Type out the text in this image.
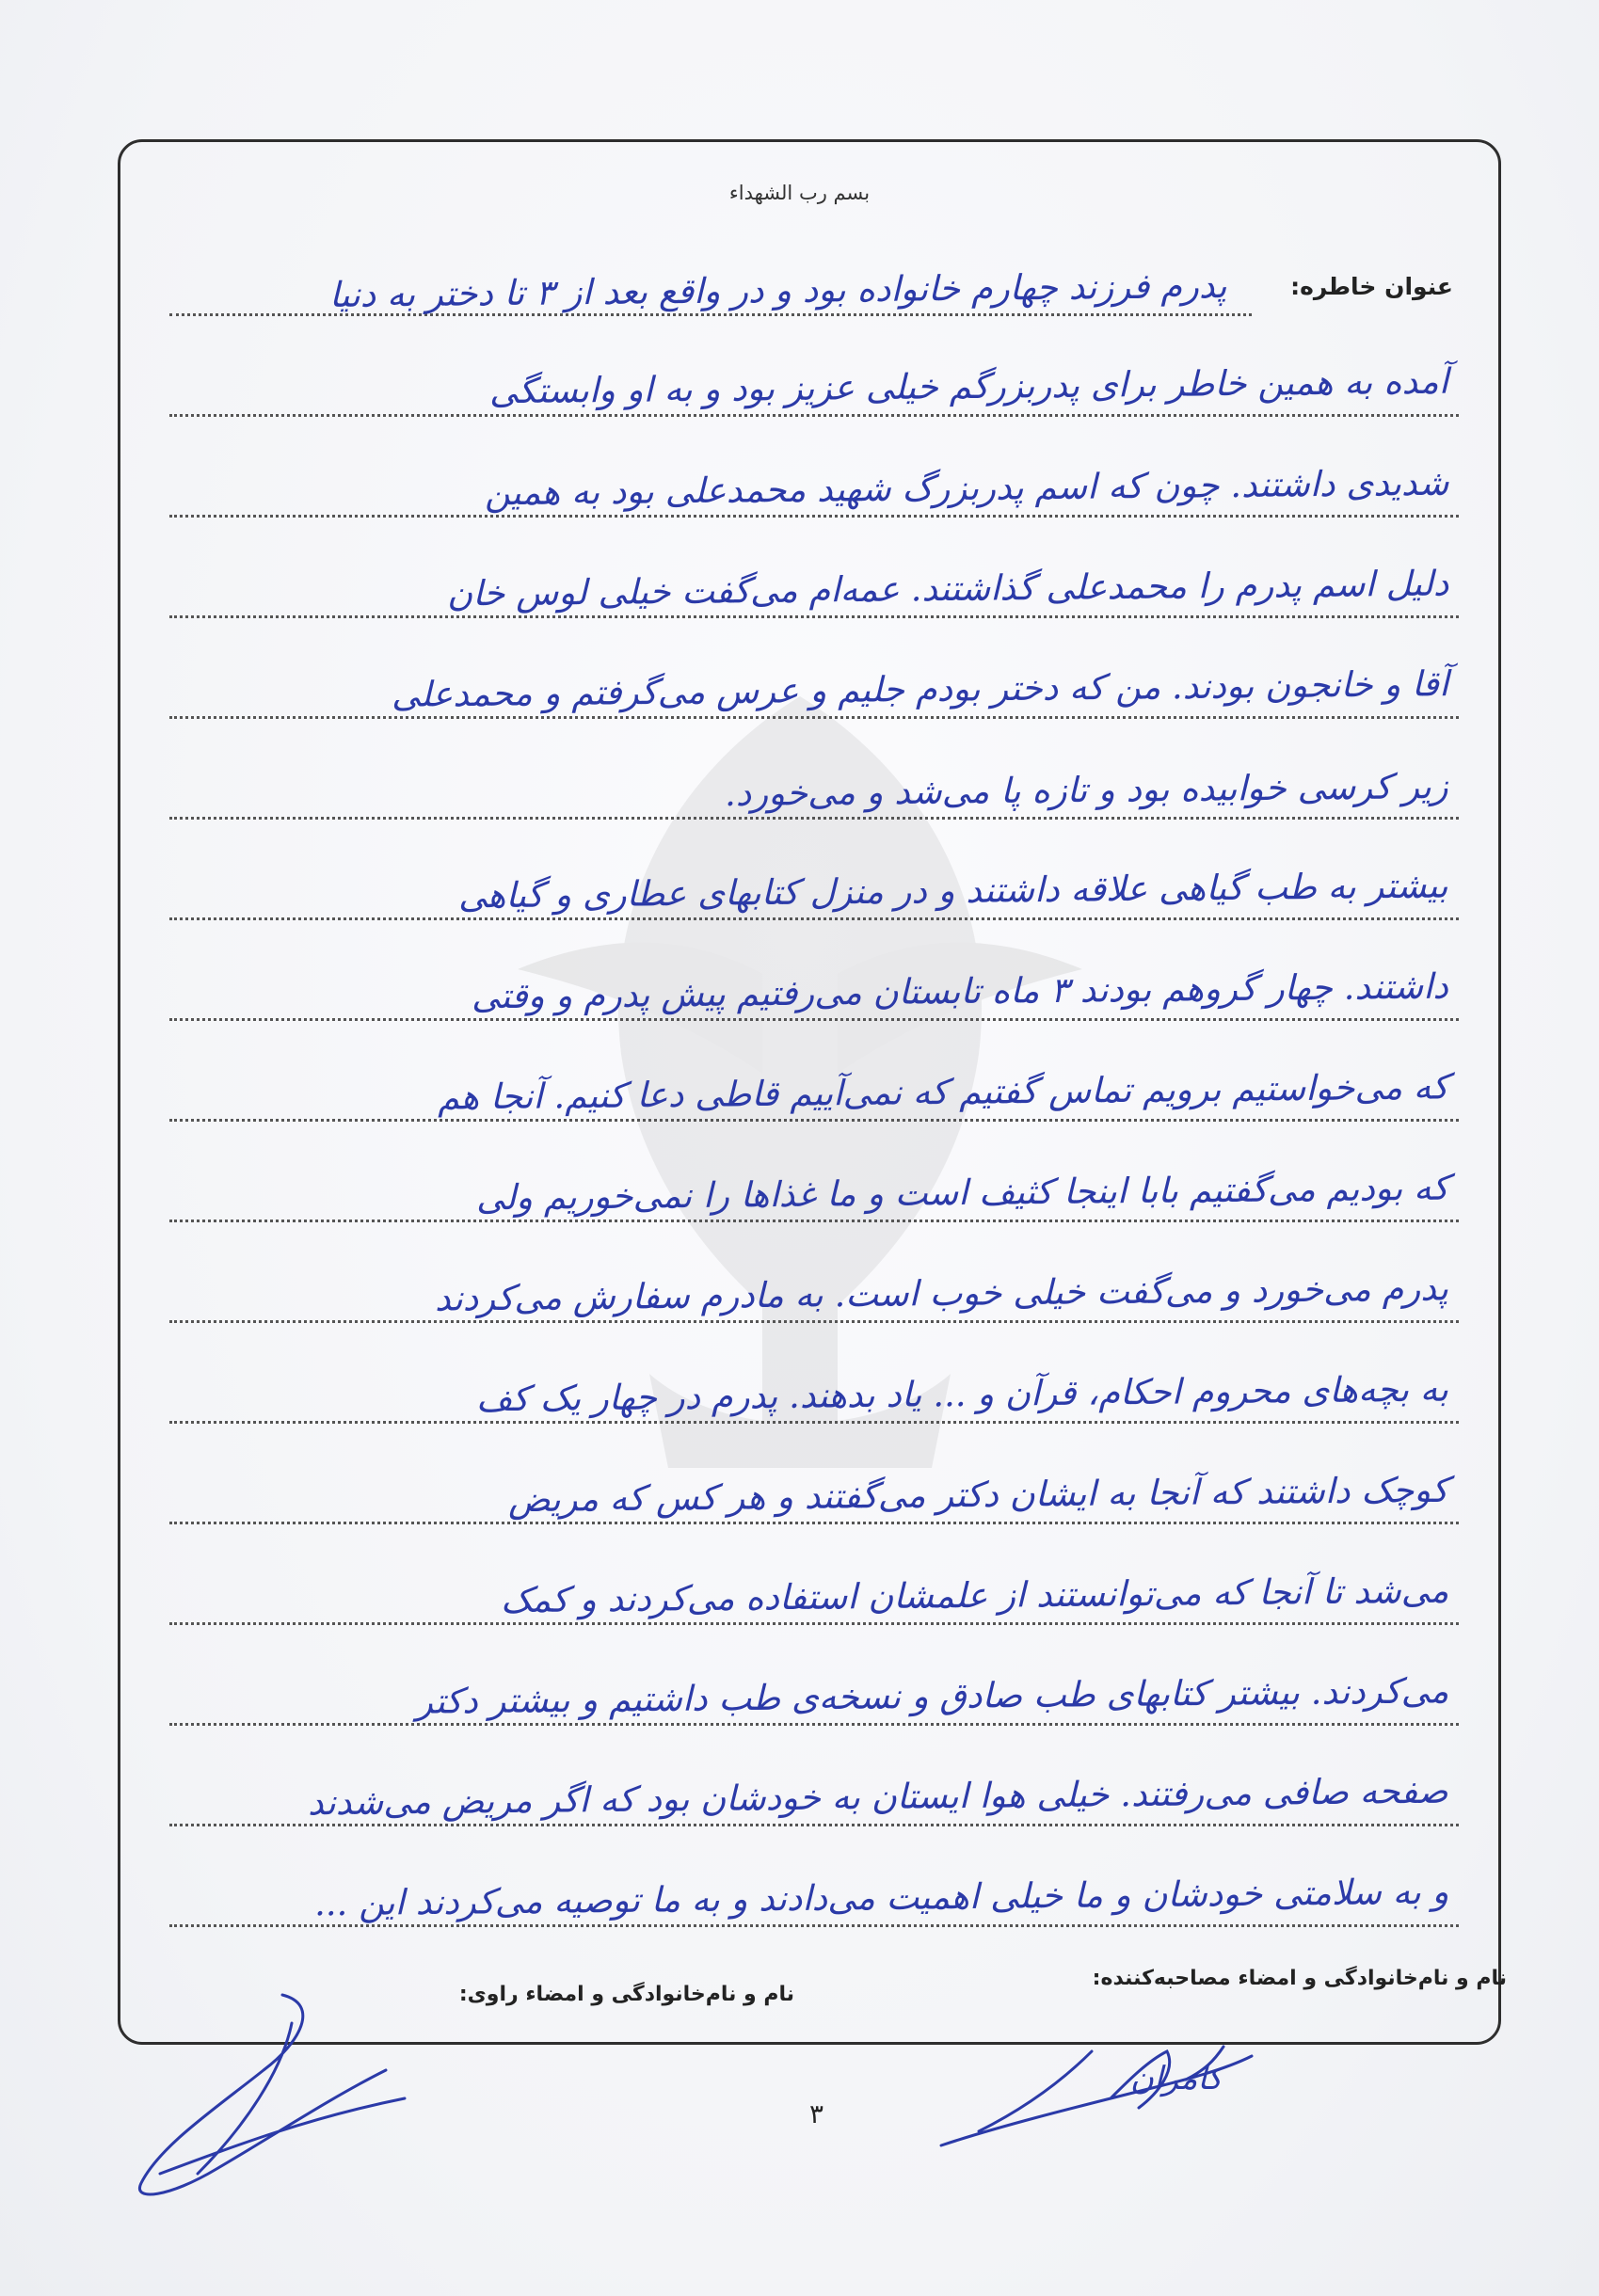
بسم رب الشهداء
عنوان خاطره:
پدرم فرزند چهارم خانواده بود و در واقع بعد از ۳ تا دختر به دنیا
آمده به همین خاطر برای پدربزرگم خیلی عزیز بود و به او وابستگی
شدیدی داشتند. چون که اسم پدربزرگ شهید محمدعلی بود به همین
دلیل اسم پدرم را محمدعلی گذاشتند. عمه‌ام می‌گفت خیلی لوس خان
آقا و خانجون بودند. من که دختر بودم جلیم و عرس می‌گرفتم و محمدعلی
زیر کرسی خوابیده بود و تازه پا می‌شد و می‌خورد.
بیشتر به طب گیاهی علاقه داشتند و در منزل کتابهای عطاری و گیاهی
داشتند. چهار گروهم بودند ۳ ماه تابستان می‌رفتیم پیش پدرم و وقتی
که می‌خواستیم برویم تماس گفتیم که نمی‌آییم قاطی دعا کنیم. آنجا هم
که بودیم می‌گفتیم بابا اینجا کثیف است و ما غذاها را نمی‌خوریم ولی
پدرم می‌خورد و می‌گفت خیلی خوب است. به مادرم سفارش می‌کردند
به بچه‌های محروم احکام، قرآن و ... یاد بدهند. پدرم در چهار یک کف
کوچک داشتند که آنجا به ایشان دکتر می‌گفتند و هر کس که مریض
می‌شد تا آنجا که می‌توانستند از علمشان استفاده می‌کردند و کمک
می‌کردند. بیشتر کتابهای طب صادق و نسخه‌ی طب داشتیم و بیشتر دکتر
صفحه صافی می‌رفتند. خیلی هوا ایستان به خودشان بود که اگر مریض می‌شدند
و به سلامتی خودشان و ما خیلی اهمیت می‌دادند و به ما توصیه می‌کردند این ...
نام و نام‌خانوادگی و امضاء مصاحبه‌کننده:
نام و نام‌خانوادگی و امضاء راوی:
کامران
۳
